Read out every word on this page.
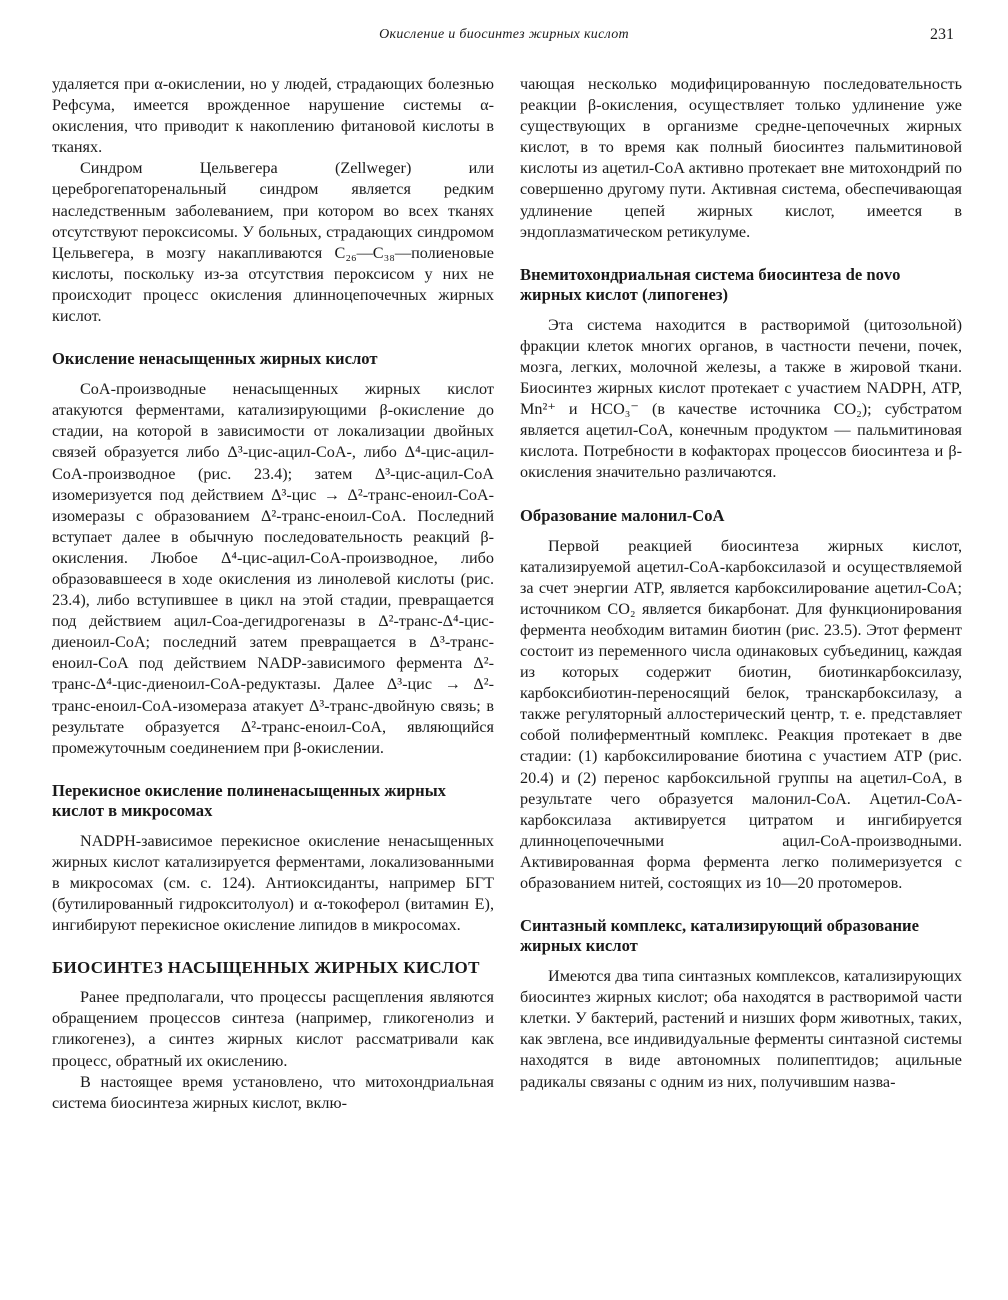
Окисление и биосинтез жирных кислот	231

удаляется при α-окислении, но у людей, страдающих болезнью Рефсума, имеется врожденное нарушение системы α-окисления, что приводит к накоплению фитановой кислоты в тканях.

Синдром Цельвегера (Zellweger) или цереброгепаторенальный синдром является редким наследственным заболеванием, при котором во всех тканях отсутствуют пероксисомы. У больных, страдающих синдромом Цельвегера, в мозгу накапливаются C₂₆—C₃₈—полиеновые кислоты, поскольку из-за отсутствия пероксисом у них не происходит процесс окисления длинноцепочечных жирных кислот.

Окисление ненасыщенных жирных кислот

CoA-производные ненасыщенных жирных кислот атакуются ферментами, катализирующими β-окисление до стадии, на которой в зависимости от локализации двойных связей образуется либо Δ³-цис-ацил-CoA-, либо Δ⁴-цис-ацил-CoA-производное (рис. 23.4); затем Δ³-цис-ацил-CoA изомеризуется под действием Δ³-цис → Δ²-транс-еноил-CoA-изомеразы с образованием Δ²-транс-еноил-CoA. Последний вступает далее в обычную последовательность реакций β-окисления. Любое Δ⁴-цис-ацил-CoA-производное, либо образовавшееся в ходе окисления из линолевой кислоты (рис. 23.4), либо вступившее в цикл на этой стадии, превращается под действием ацил-Coa-дегидрогеназы в Δ²-транс-Δ⁴-цис-диеноил-CoA; последний затем превращается в Δ³-транс-еноил-CoA под действием NADP-зависимого фермента Δ²-транс-Δ⁴-цис-диеноил-CoA-редуктазы. Далее Δ³-цис → Δ²-транс-еноил-CoA-изомераза атакует Δ³-транс-двойную связь; в результате образуется Δ²-транс-еноил-CoA, являющийся промежуточным соединением при β-окислении.

Перекисное окисление полиненасыщенных жирных кислот в микросомах

NADPH-зависимое перекисное окисление ненасыщенных жирных кислот катализируется ферментами, локализованными в микросомах (см. с. 124). Антиоксиданты, например БГТ (бутилированный гидрокситолуол) и α-токоферол (витамин E), ингибируют перекисное окисление липидов в микросомах.

БИОСИНТЕЗ НАСЫЩЕННЫХ ЖИРНЫХ КИСЛОТ

Ранее предполагали, что процессы расщепления являются обращением процессов синтеза (например, гликогенолиз и гликогенез), а синтез жирных кислот рассматривали как процесс, обратный их окислению.

В настоящее время установлено, что митохондриальная система биосинтеза жирных кислот, вклю-

чающая несколько модифицированную последовательность реакции β-окисления, осуществляет только удлинение уже существующих в организме средне-цепочечных жирных кислот, в то время как полный биосинтез пальмитиновой кислоты из ацетил-CoA активно протекает вне митохондрий по совершенно другому пути. Активная система, обеспечивающая удлинение цепей жирных кислот, имеется в эндоплазматическом ретикулуме.

Внемитохондриальная система биосинтеза de novo жирных кислот (липогенез)

Эта система находится в растворимой (цитозольной) фракции клеток многих органов, в частности печени, почек, мозга, легких, молочной железы, а также в жировой ткани. Биосинтез жирных кислот протекает с участием NADPH, ATP, Mn²⁺ и HCO₃⁻ (в качестве источника CO₂); субстратом является ацетил-CoA, конечным продуктом — пальмитиновая кислота. Потребности в кофакторах процессов биосинтеза и β-окисления значительно различаются.

Образование малонил-CoA

Первой реакцией биосинтеза жирных кислот, катализируемой ацетил-CoA-карбоксилазой и осуществляемой за счет энергии ATP, является карбоксилирование ацетил-CoA; источником CO₂ является бикарбонат. Для функционирования фермента необходим витамин биотин (рис. 23.5). Этот фермент состоит из переменного числа одинаковых субъединиц, каждая из которых содержит биотин, биотинкарбоксилазу, карбоксибиотин-переносящий белок, транскарбоксилазу, а также регуляторный аллостерический центр, т. е. представляет собой полиферментный комплекс. Реакция протекает в две стадии: (1) карбоксилирование биотина с участием ATP (рис. 20.4) и (2) перенос карбоксильной группы на ацетил-CoA, в результате чего образуется малонил-CoA. Ацетил-CoA-карбоксилаза активируется цитратом и ингибируется длинноцепочечными ацил-CoA-производными. Активированная форма фермента легко полимеризуется с образованием нитей, состоящих из 10—20 протомеров.

Синтазный комплекс, катализирующий образование жирных кислот

Имеются два типа синтазных комплексов, катализирующих биосинтез жирных кислот; оба находятся в растворимой части клетки. У бактерий, растений и низших форм животных, таких, как эвглена, все индивидуальные ферменты синтазной системы находятся в виде автономных полипептидов; ацильные радикалы связаны с одним из них, получившим назва-
